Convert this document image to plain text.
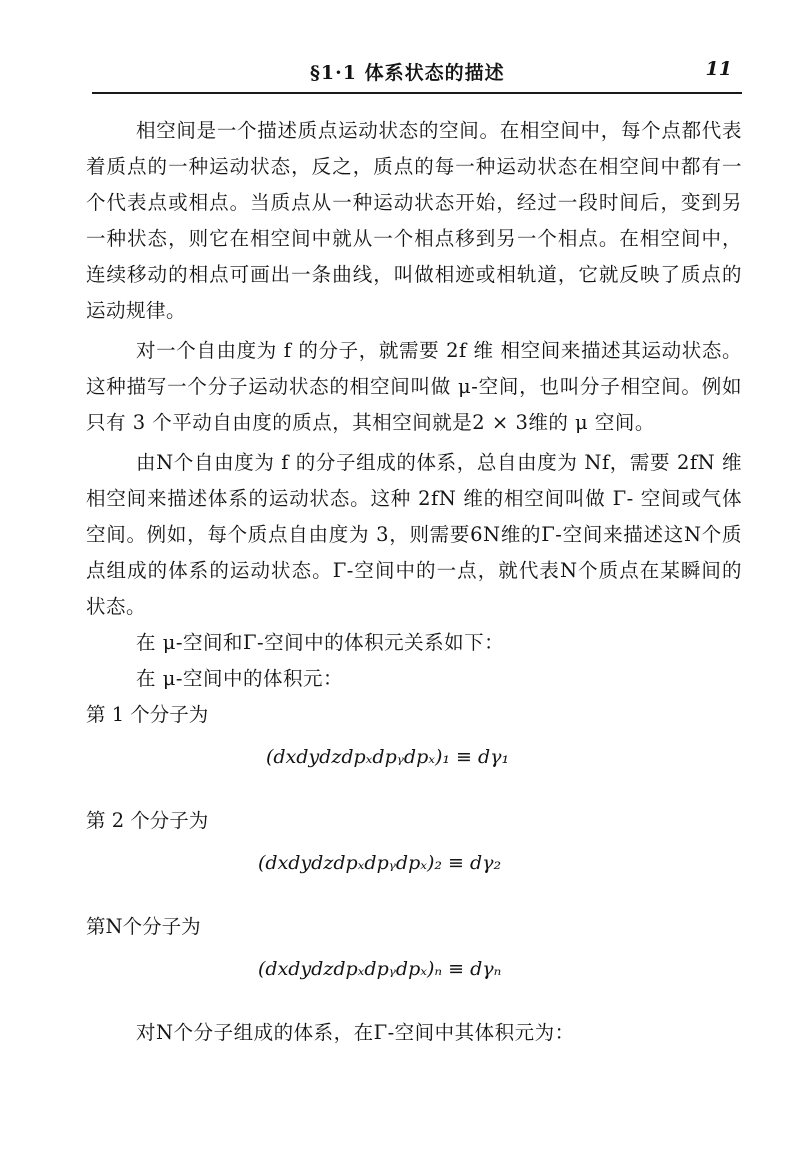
§1·1 体系状态的描述	11

相空间是一个描述质点运动状态的空间。在相空间中，每个点都代表着质点的一种运动状态，反之，质点的每一种运动状态在相空间中都有一个代表点或相点。当质点从一种运动状态开始，经过一段时间后，变到另一种状态，则它在相空间中就从一个相点移到另一个相点。在相空间中，连续移动的相点可画出一条曲线，叫做相迹或相轨道，它就反映了质点的运动规律。

对一个自由度为 f 的分子，就需要 2f 维 相空间来描述其运动状态。这种描写一个分子运动状态的相空间叫做 μ-空间，也叫分子相空间。例如只有 3 个平动自由度的质点，其相空间就是2 × 3维的 μ 空间。

由N个自由度为 f 的分子组成的体系，总自由度为 Nf，需要 2fN 维相空间来描述体系的运动状态。这种 2fN 维的相空间叫做 Γ- 空间或气体空间。例如，每个质点自由度为 3，则需要6N维的Γ-空间来描述这N个质点组成的体系的运动状态。Γ-空间中的一点，就代表N个质点在某瞬间的状态。

在 μ-空间和Γ-空间中的体积元关系如下：

在 μ-空间中的体积元：

第 1 个分子为

(dxdydzdpₓdpᵧdpₓ)₁ ≡ dγ₁

第 2 个分子为

(dxdydzdpₓdpᵧdpₓ)₂ ≡ dγ₂

第N个分子为

(dxdydzdpₓdpᵧdpₓ)ₙ ≡ dγₙ

对N个分子组成的体系，在Γ-空间中其体积元为：
